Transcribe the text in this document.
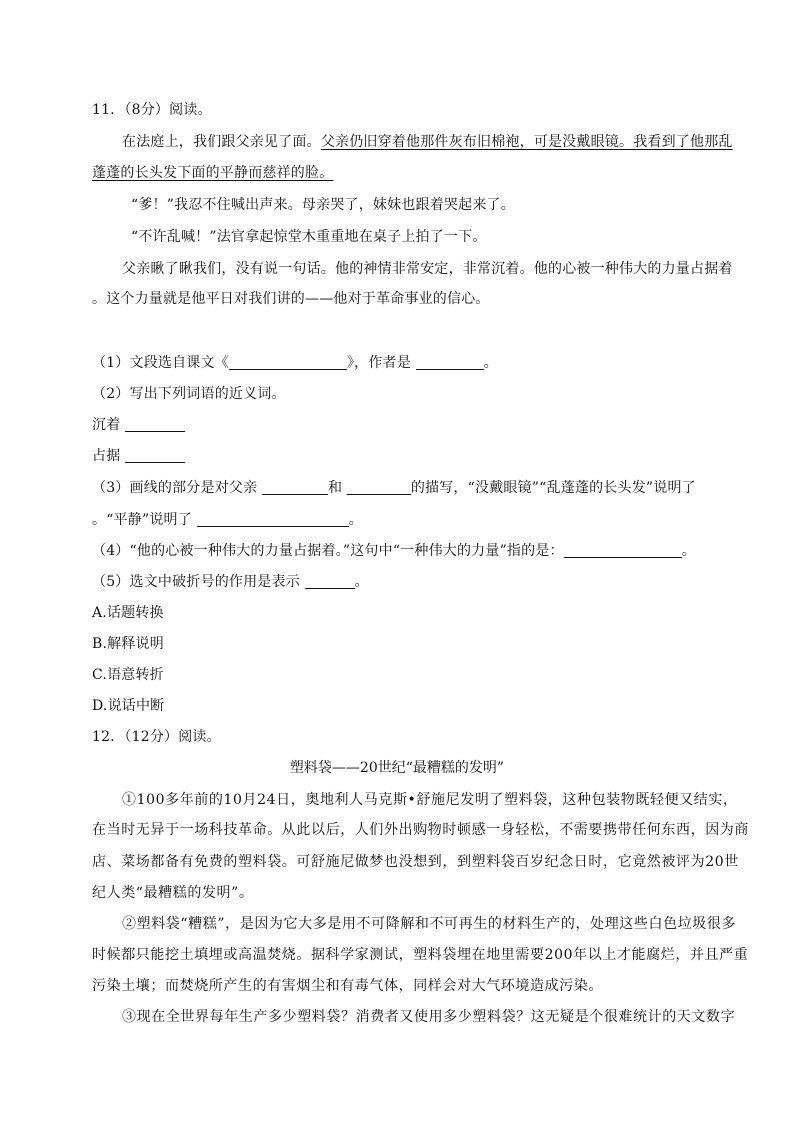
11．（8分）阅读。
在法庭上，我们跟父亲见了面。父亲仍旧穿着他那件灰布旧棉袍，可是没戴眼镜。我看到了他那乱
蓬蓬的长头发下面的平静而慈祥的脸。
“爹！”我忍不住喊出声来。母亲哭了，妹妹也跟着哭起来了。
“不许乱喊！”法官拿起惊堂木重重地在桌子上拍了一下。
父亲瞅了瞅我们，没有说一句话。他的神情非常安定，非常沉着。他的心被一种伟大的力量占据着
。这个力量就是他平日对我们讲的——他对于革命事业的信心。
（1）文段选自课文《	》，作者是	。
（2）写出下列词语的近义词。
沉着
占据
（3）画线的部分是对父亲	和	的描写，“没戴眼镜”“乱蓬蓬的长头发”说明了
。“平静”说明了	。
（4）“他的心被一种伟大的力量占据着。”这句中“一种伟大的力量”指的是：	。
（5）选文中破折号的作用是表示	。
A.话题转换
B.解释说明
C.语意转折
D.说话中断
12．（12分）阅读。
塑料袋——20世纪“最糟糕的发明”
①100多年前的10月24日，奥地利人马克斯•舒施尼发明了塑料袋，这种包装物既轻便又结实，
在当时无异于一场科技革命。从此以后，人们外出购物时顿感一身轻松，不需要携带任何东西，因为商
店、菜场都备有免费的塑料袋。可舒施尼做梦也没想到，到塑料袋百岁纪念日时，它竟然被评为20世
纪人类“最糟糕的发明”。
②塑料袋“糟糕”，是因为它大多是用不可降解和不可再生的材料生产的，处理这些白色垃圾很多
时候都只能挖土填埋或高温焚烧。据科学家测试，塑料袋埋在地里需要200年以上才能腐烂，并且严重
污染土壤；而焚烧所产生的有害烟尘和有毒气体，同样会对大气环境造成污染。
③现在全世界每年生产多少塑料袋？消费者又使用多少塑料袋？这无疑是个很难统计的天文数字
